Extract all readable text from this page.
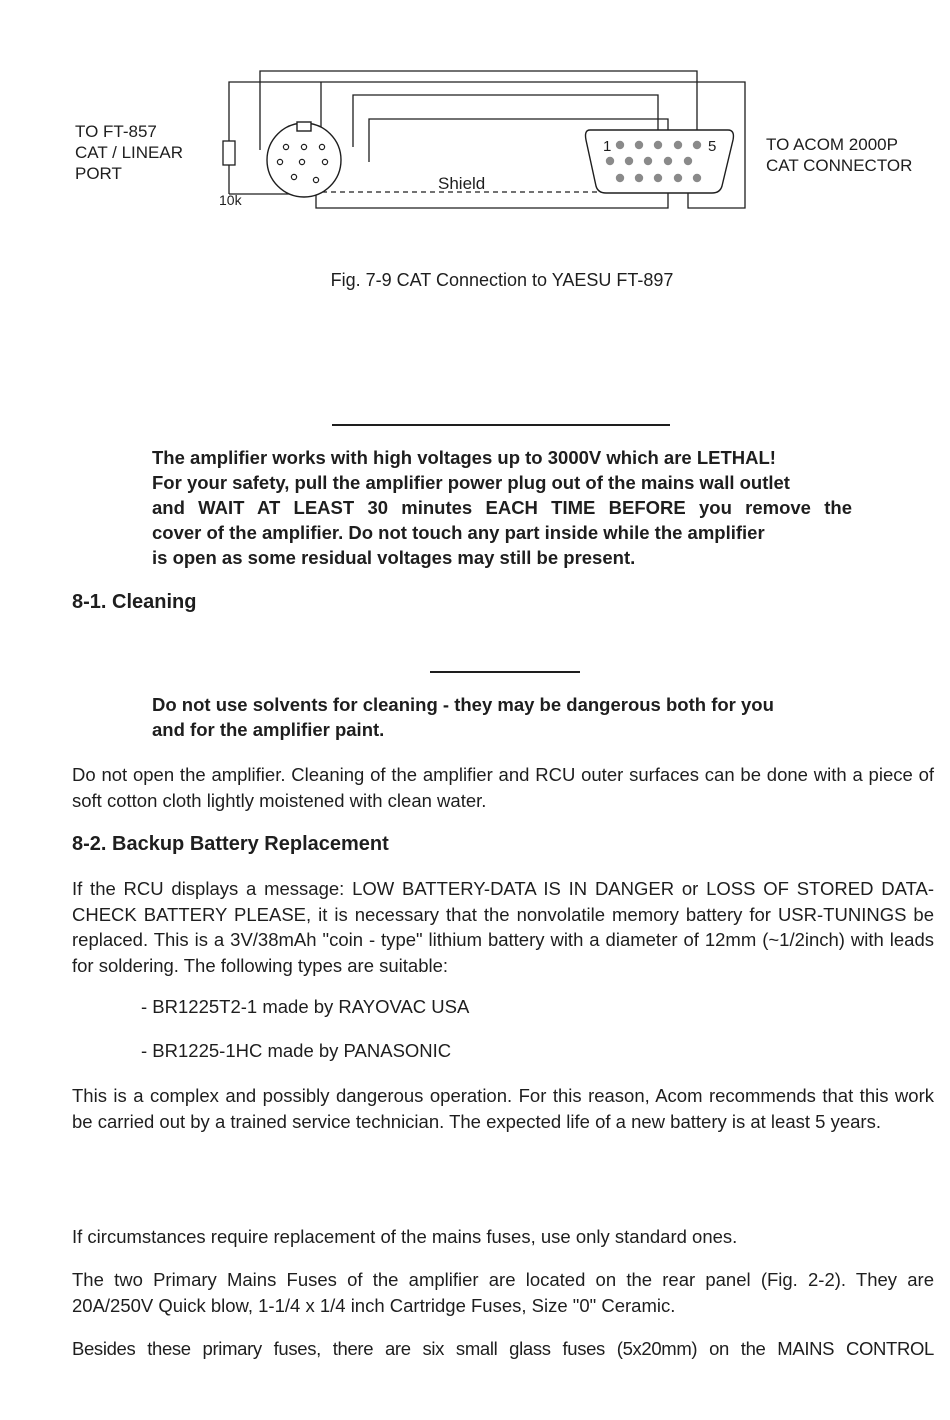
TO FT-857
CAT / LINEAR
PORT
10k
Shield
1	5	TO ACOM 2000P
CAT CONNECTOR
Fig. 7-9 CAT Connection to YAESU FT-897

The amplifier works with high voltages up to 3000V which are LETHAL!

For your safety, pull the amplifier power plug out of the mains wall outlet

and WAIT AT LEAST 30 minutes EACH TIME BEFORE you remove the

cover of the amplifier. Do not touch any part inside while the amplifier

is open as some residual voltages may still be present.

8-1. Cleaning

Do not use solvents for cleaning - they may be dangerous both for you

and for the amplifier paint.

Do not open the amplifier. Cleaning of the amplifier and RCU outer surfaces can be done with a piece of soft cotton cloth lightly moistened with clean water.
8-2. Backup Battery Replacement
If the RCU displays a message: LOW BATTERY-DATA IS IN DANGER or LOSS OF STORED DATA-CHECK BATTERY PLEASE, it is necessary that the nonvolatile memory battery for USR-TUNINGS be replaced. This is a 3V/38mAh "coin - type" lithium battery with a diameter of 12mm (~1/2inch) with leads for soldering. The following types are suitable:
- BR1225T2-1 made by RAYOVAC USA
- BR1225-1HC made by PANASONIC
This is a complex and possibly dangerous operation. For this reason, Acom recommends that this work be carried out by a trained service technician. The expected life of a new battery is at least 5 years.
If circumstances require replacement of the mains fuses, use only standard ones.
The two Primary Mains Fuses of the amplifier are located on the rear panel (Fig. 2-2). They are 20A/250V Quick blow, 1-1/4 x 1/4 inch Cartridge Fuses, Size "0" Ceramic.
Besides these primary fuses, there are six small glass fuses (5x20mm) on the MAINS CONTROL
